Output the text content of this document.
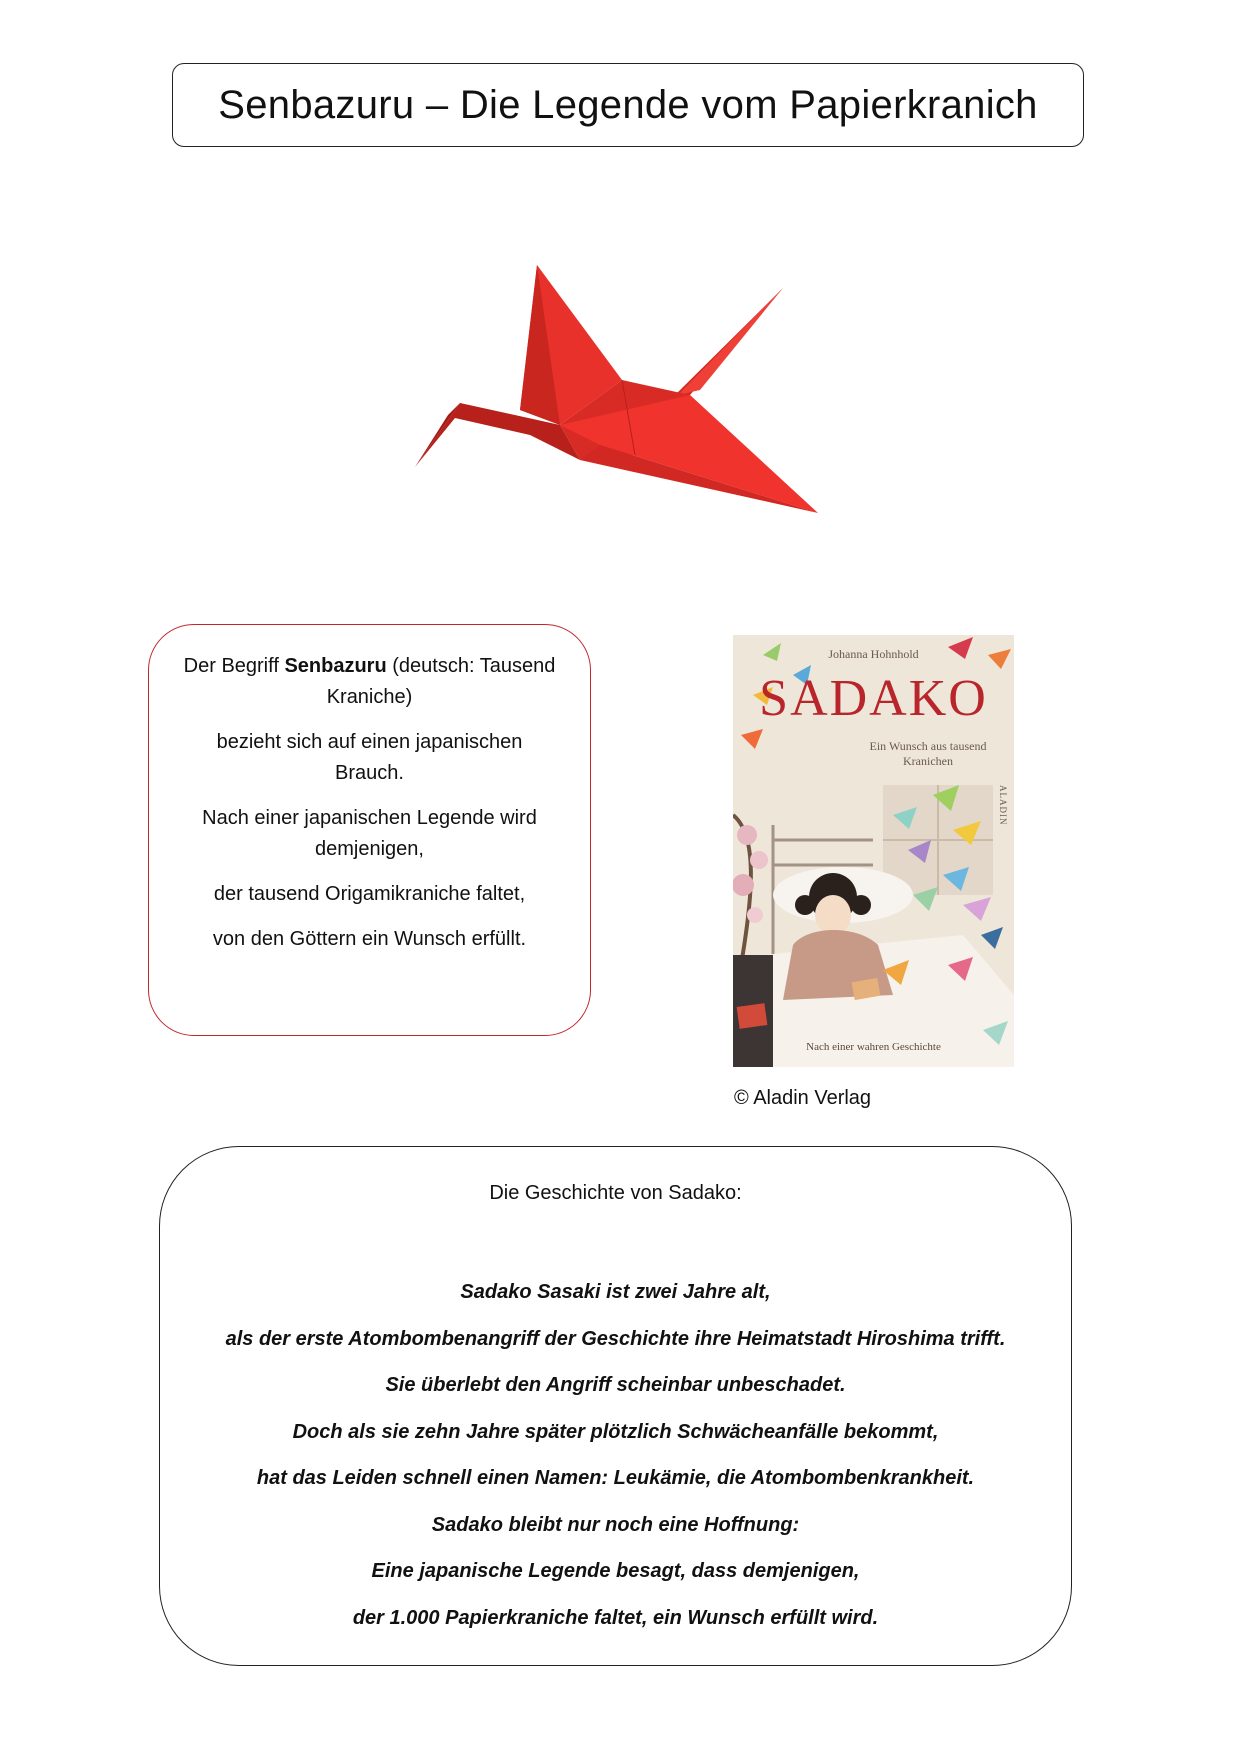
Senbazuru – Die Legende vom Papierkranich

Der Begriff Senbazuru (deutsch: Tausend Kraniche)

bezieht sich auf einen japanischen Brauch.

Nach einer japanischen Legende wird demjenigen,

der tausend Origamikraniche faltet,

von den Göttern ein Wunsch erfüllt.

Johanna Hohnhold
SADAKO
Ein Wunsch aus tausend Kranichen
ALADIN
Nach einer wahren Geschichte
© Aladin Verlag
Die Geschichte von Sadako:
Sadako Sasaki ist zwei Jahre alt,
als der erste Atombombenangriff der Geschichte ihre Heimatstadt Hiroshima trifft.
Sie überlebt den Angriff scheinbar unbeschadet.
Doch als sie zehn Jahre später plötzlich Schwächeanfälle bekommt,
hat das Leiden schnell einen Namen: Leukämie, die Atombombenkrankheit.
Sadako bleibt nur noch eine Hoffnung:
Eine japanische Legende besagt, dass demjenigen,
der 1.000 Papierkraniche faltet, ein Wunsch erfüllt wird.
